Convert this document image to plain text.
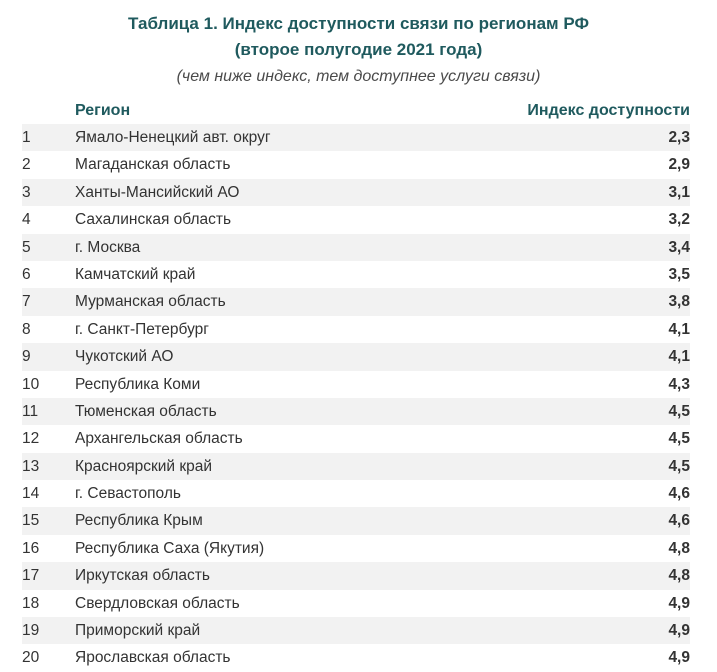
Таблица 1. Индекс доступности связи по регионам РФ
(второе полугодие 2021 года)
(чем ниже индекс, тем доступнее услуги связи)
Регион	Индекс доступности
1	Ямало-Ненецкий авт. округ	2,3
2	Магаданская область	2,9
3	Ханты-Мансийский АО	3,1
4	Сахалинская область	3,2
5	г. Москва	3,4
6	Камчатский край	3,5
7	Мурманская область	3,8
8	г. Санкт-Петербург	4,1
9	Чукотский АО	4,1
10 Республика Коми	4,3
11 Тюменская область	4,5
12 Архангельская область	4,5
13 Красноярский край	4,5
14 г. Севастополь	4,6
15 Республика Крым	4,6
16 Республика Саха (Якутия)	4,8
17 Иркутская область	4,8
18 Свердловская область	4,9
19 Приморский край	4,9
20 Ярославская область	4,9
